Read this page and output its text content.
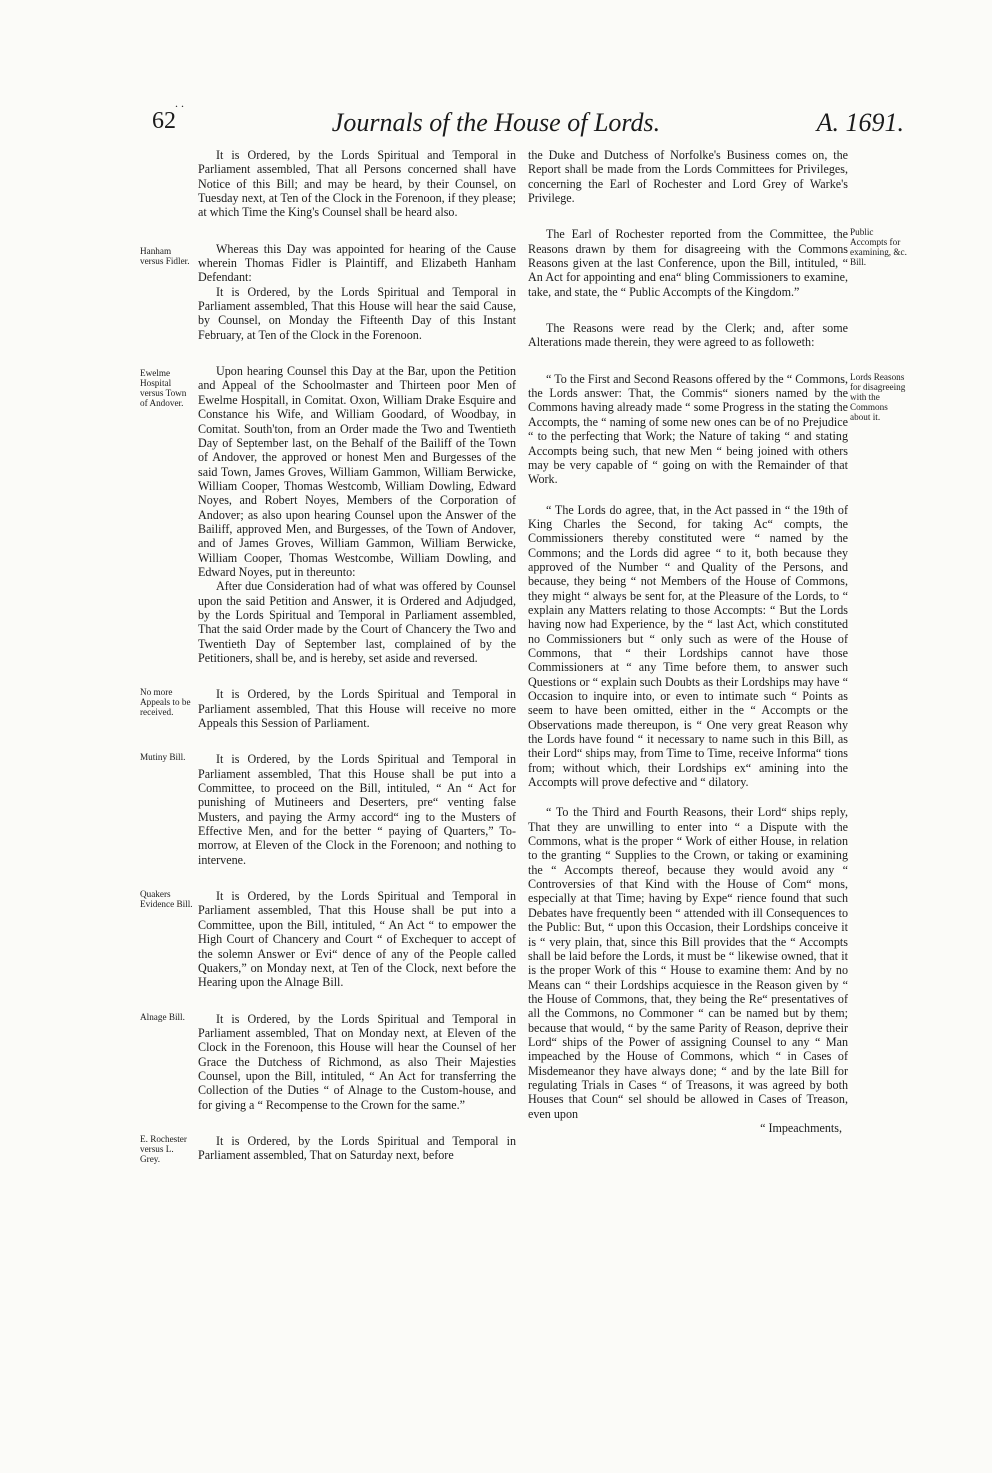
62	Journals of the House of Lords.	A. 1691.
. .

It is Ordered, by the Lords Spiritual and Temporal in Parliament assembled, That all Persons concerned shall have Notice of this Bill; and may be heard, by their Counsel, on Tuesday next, at Ten of the Clock in the Forenoon, if they please; at which Time the King's Counsel shall be heard also.

Hanham versus Fidler.

Whereas this Day was appointed for hearing of the Cause wherein Thomas Fidler is Plaintiff, and Elizabeth Hanham Defendant:

It is Ordered, by the Lords Spiritual and Temporal in Parliament assembled, That this House will hear the said Cause, by Counsel, on Monday the Fifteenth Day of this Instant February, at Ten of the Clock in the Forenoon.

Ewelme Hospital versus Town of Andover.

Upon hearing Counsel this Day at the Bar, upon the Petition and Appeal of the Schoolmaster and Thirteen poor Men of Ewelme Hospitall, in Comitat. Oxon, William Drake Esquire and Constance his Wife, and William Goodard, of Woodbay, in Comitat. South'ton, from an Order made the Two and Twentieth Day of September last, on the Behalf of the Bailiff of the Town of Andover, the approved or honest Men and Burgesses of the said Town, James Groves, William Gammon, William Berwicke, William Cooper, Thomas Westcomb, William Dowling, Edward Noyes, and Robert Noyes, Members of the Corporation of Andover; as also upon hearing Counsel upon the Answer of the Bailiff, approved Men, and Burgesses, of the Town of Andover, and of James Groves, William Gammon, William Berwicke, William Cooper, Thomas Westcombe, William Dowling, and Edward Noyes, put in thereunto:

After due Consideration had of what was offered by Counsel upon the said Petition and Answer, it is Ordered and Adjudged, by the Lords Spiritual and Temporal in Parliament assembled, That the said Order made by the Court of Chancery the Two and Twentieth Day of September last, complained of by the Petitioners, shall be, and is hereby, set aside and reversed.

No more Appeals to be received.

It is Ordered, by the Lords Spiritual and Temporal in Parliament assembled, That this House will receive no more Appeals this Session of Parliament.

Mutiny Bill.	It is Ordered, by the Lords Spiritual and Temporal in Parliament assembled, That this House shall be put into a Committee, to proceed on the Bill, intituled, “ An “ Act for punishing of Mutineers and Deserters, pre“ venting false Musters, and paying the Army accord“ ing to the Musters of Effective Men, and for the better “ paying of Quarters,” To-morrow, at Eleven of the Clock in the Forenoon; and nothing to intervene.

Quakers Evidence Bill.

It is Ordered, by the Lords Spiritual and Temporal in Parliament assembled, That this House shall be put into a Committee, upon the Bill, intituled, “ An Act “ to empower the High Court of Chancery and Court “ of Exchequer to accept of the solemn Answer or Evi“ dence of any of the People called Quakers,” on Monday next, at Ten of the Clock, next before the Hearing upon the Alnage Bill.

Alnage Bill.	It is Ordered, by the Lords Spiritual and Temporal in Parliament assembled, That on Monday next, at Eleven of the Clock in the Forenoon, this House will hear the Counsel of her Grace the Dutchess of Richmond, as also Their Majesties Counsel, upon the Bill, intituled, “ An Act for transferring the Collection of the Duties “ of Alnage to the Custom-house, and for giving a “ Recompense to the Crown for the same.”

E. Rochester versus L. Grey.

It is Ordered, by the Lords Spiritual and Temporal in Parliament assembled, That on Saturday next, before

the Duke and Dutchess of Norfolke's Business comes on, the Report shall be made from the Lords Committees for Privileges, concerning the Earl of Rochester and Lord Grey of Warke's Privilege.

Public Accompts for examining, &c. Bill.

The Earl of Rochester reported from the Committee, the Reasons drawn by them for disagreeing with the Commons Reasons given at the last Conference, upon the Bill, intituled, “ An Act for appointing and ena“ bling Commissioners to examine, take, and state, the “ Public Accompts of the Kingdom.”

The Reasons were read by the Clerk; and, after some Alterations made therein, they were agreed to as followeth:

Lords Reasons for disagreeing with the Commons about it.

“ To the First and Second Reasons offered by the “ Commons, the Lords answer: That, the Commis“ sioners named by the Commons having already made “ some Progress in the stating the Accompts, the “ naming of some new ones can be of no Prejudice “ to the perfecting that Work; the Nature of taking “ and stating Accompts being such, that new Men “ being joined with others may be very capable of “ going on with the Remainder of that Work.

“ The Lords do agree, that, in the Act passed in “ the 19th of King Charles the Second, for taking Ac“ compts, the Commissioners thereby constituted were “ named by the Commons; and the Lords did agree “ to it, both because they approved of the Number “ and Quality of the Persons, and because, they being “ not Members of the House of Commons, they might “ always be sent for, at the Pleasure of the Lords, to “ explain any Matters relating to those Accompts: “ But the Lords having now had Experience, by the “ last Act, which constituted no Commissioners but “ only such as were of the House of Commons, that “ their Lordships cannot have those Commissioners at “ any Time before them, to answer such Questions or “ explain such Doubts as their Lordships may have “ Occasion to inquire into, or even to intimate such “ Points as seem to have been omitted, either in the “ Accompts or the Observations made thereupon, is “ One very great Reason why the Lords have found “ it necessary to name such in this Bill, as their Lord“ ships may, from Time to Time, receive Informa“ tions from; without which, their Lordships ex“ amining into the Accompts will prove defective and “ dilatory.

“ To the Third and Fourth Reasons, their Lord“ ships reply, That they are unwilling to enter into “ a Dispute with the Commons, what is the proper “ Work of either House, in relation to the granting “ Supplies to the Crown, or taking or examining the “ Accompts thereof, because they would avoid any “ Controversies of that Kind with the House of Com“ mons, especially at that Time; having by Expe“ rience found that such Debates have frequently been “ attended with ill Consequences to the Public: But, “ upon this Occasion, their Lordships conceive it is “ very plain, that, since this Bill provides that the “ Accompts shall be laid before the Lords, it must be “ likewise owned, that it is the proper Work of this “ House to examine them: And by no Means can “ their Lordships acquiesce in the Reason given by “ the House of Commons, that, they being the Re“ presentatives of all the Commons, no Commoner “ can be named but by them; because that would, “ by the same Parity of Reason, deprive their Lord“ ships of the Power of assigning Counsel to any “ Man impeached by the House of Commons, which “ in Cases of Misdemeanor they have always done; “ and by the late Bill for regulating Trials in Cases “ of Treasons, it was agreed by both Houses that Coun“ sel should be allowed in Cases of Treason, even upon

“ Impeachments,
